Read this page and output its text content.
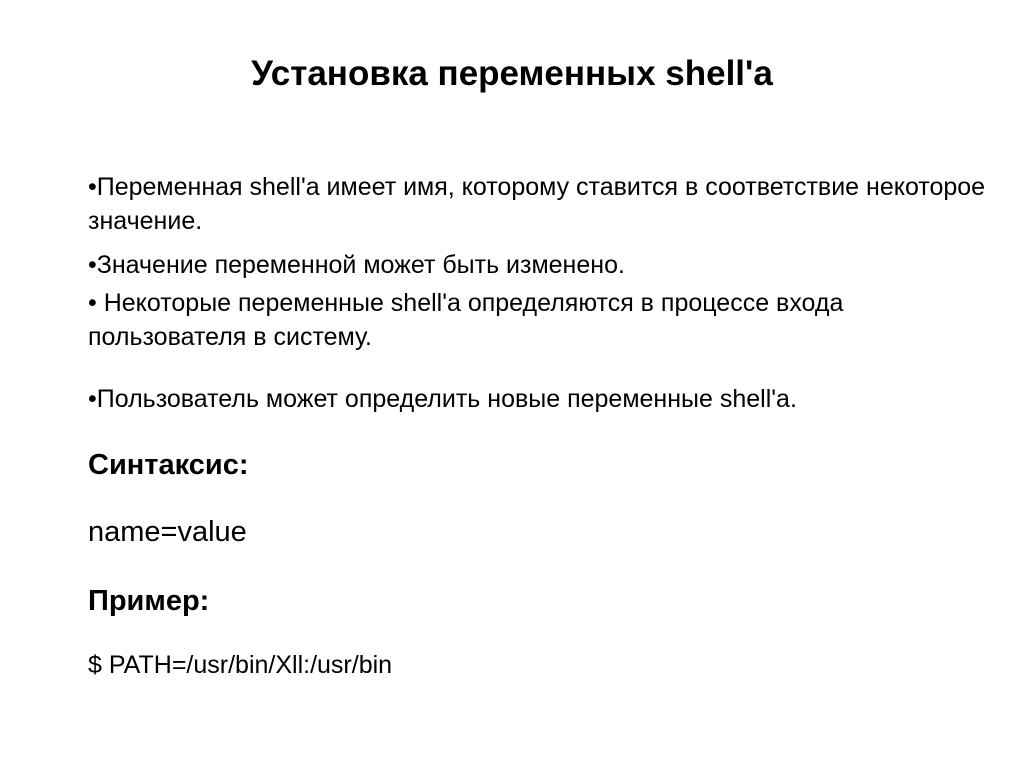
Установка переменных shell'a

•Переменная shell'a имеет имя, которому ставится в соответствие некоторое значение.

•Значение переменной может быть изменено.

• Некоторые переменные shell'a определяются в процессе входа пользователя в систему.

•Пользователь может определить новые переменные shell'a.

Синтаксис:

name=value

Пример:

$ PATH=/usr/bin/Xll:/usr/bin
